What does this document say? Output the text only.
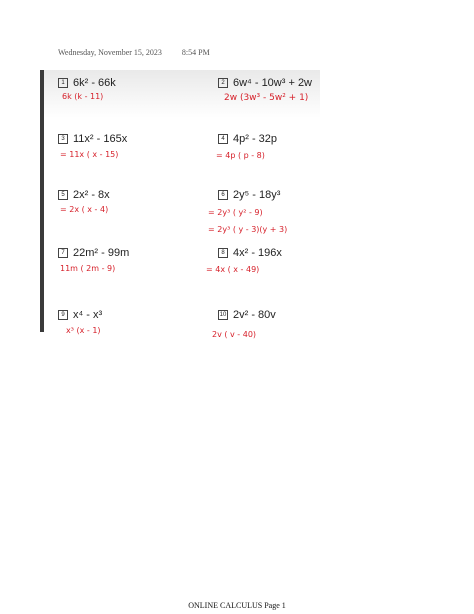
Wednesday, November 15, 2023	8:54 PM
1 6k² - 66k
6k (k - 11)
2 6w⁴ - 10w³ + 2w
2w (3w³ - 5w² + 1)
3 11x² - 165x
= 11x ( x - 15)
4 4p² - 32p
= 4p ( p - 8)
5 2x² - 8x
= 2x ( x - 4)
6 2y⁵ - 18y³
= 2y³ ( y² - 9)
= 2y³ ( y - 3)(y + 3)
7 22m² - 99m
11m ( 2m - 9)
8 4x² - 196x
= 4x ( x - 49)
9 x⁴ - x³
x³ (x - 1)
10 2v² - 80v
2v ( v - 40)
ONLINE CALCULUS Page 1
